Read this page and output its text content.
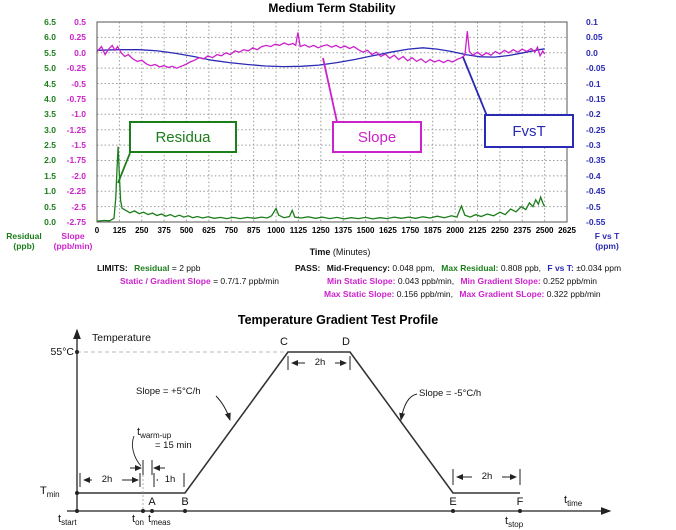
Medium Term Stability
6.5
6.0
5.5
5.0
4.5
4.0
3.5
3.0
2.5
2.0
1.5
1.0
0.5
0.0
0.5
0.25
0.0
-0.25
-0.5
-0.75
-1.0
-1.25
-1.5
-1.75
-2.0
-2.25
-2.5
-2.75
0.1
0.05
0.0
-0.05
-0.1
-0.15
-0.2
-0.25
-0.3
-0.35
-0.4
-0.45
-0.5
-0.55
0	125	250	375	500	625	750	875 1000 1125 1250 1375 1500 1625 1750 1875 2000 2125 2250 2375 2500 2625
Residual
(ppb)
Slope
(ppb/min)
F vs T
(ppm)
Time (Minutes)
Residua	Slope	FvsT
LIMITS: Residual = 2 ppb
Static / Gradient Slope = 0.7/1.7 ppb/min
PASS: Mid-Frequency: 0.048 ppm, Max Residual: 0.808 ppb, F vs T: ±0.034 ppm
Min Static Slope: 0.043 ppb/min, Min Gradient Slope: 0.252 ppb/min
Max Static Slope: 0.156 ppb/min, Max Gradient SLope: 0.322 ppb/min
Temperature Gradient Test Profile
Temperature
55°C
$T_{min}$
C	D
A	B	E	F
Slope = +5°C/h	Slope = -5°C/h
$t_{warm-up}$
= 15 min
2h	1h
2h
2h
$t_{start}$	$t_{on}$ $t_{meas}$	$t_{stop}$
$t_{time}$
